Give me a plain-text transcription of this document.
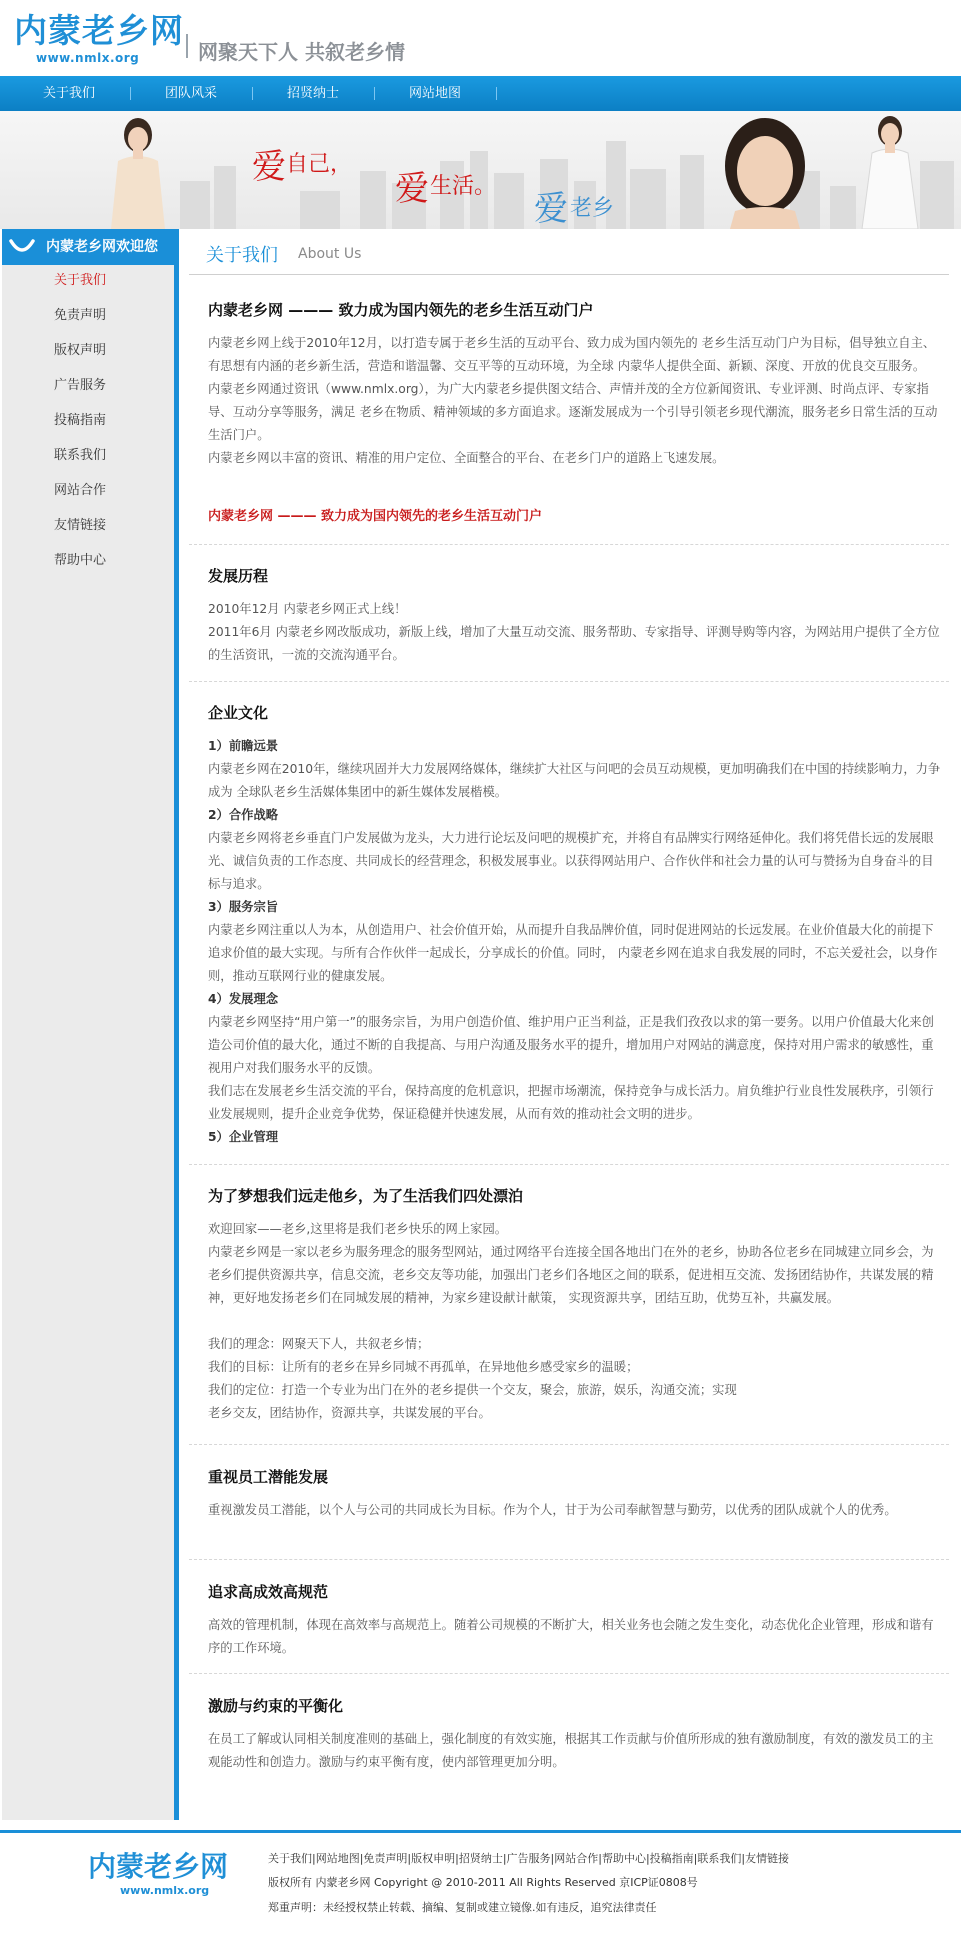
内蒙老乡网
www.nmlx.org	网聚天下人 共叙老乡情
关于我们	团队风采	招贤纳士	网站地图
爱 自己，
爱 生活。
爱 老乡
内蒙老乡网欢迎您
关于我们
免责声明
版权声明
广告服务
投稿指南
联系我们
网站合作
友情链接
帮助中心
关于我们 About Us
内蒙老乡网 ——— 致力成为国内领先的老乡生活互动门户

内蒙老乡网上线于2010年12月，以打造专属于老乡生活的互动平台、致力成为国内领先的 老乡生活互动门户为目标，倡导独立自主、有思想有内涵的老乡新生活，营造和谐温馨、交互平等的互动环境，为全球 内蒙华人提供全面、新颖、深度、开放的优良交互服务。

内蒙老乡网通过资讯（www.nmlx.org），为广大内蒙老乡提供图文结合、声情并茂的全方位新闻资讯、专业评测、时尚点评、专家指导、互动分享等服务，满足 老乡在物质、精神领域的多方面追求。逐渐发展成为一个引导引领老乡现代潮流，服务老乡日常生活的互动生活门户。

内蒙老乡网以丰富的资讯、精准的用户定位、全面整合的平台、在老乡门户的道路上飞速发展。

内蒙老乡网 ——— 致力成为国内领先的老乡生活互动门户
发展历程

2010年12月 内蒙老乡网正式上线！

2011年6月 内蒙老乡网改版成功，新版上线，增加了大量互动交流、服务帮助、专家指导、评测导购等内容，为网站用户提供了全方位的生活资讯，一流的交流沟通平台。

企业文化

1）前瞻远景

内蒙老乡网在2010年，继续巩固并大力发展网络媒体，继续扩大社区与问吧的会员互动规模，更加明确我们在中国的持续影响力，力争成为 全球队老乡生活媒体集团中的新生媒体发展楷模。

2）合作战略

内蒙老乡网将老乡垂直门户发展做为龙头，大力进行论坛及问吧的规模扩充，并将自有品牌实行网络延伸化。我们将凭借长远的发展眼光、诚信负责的工作态度、共同成长的经营理念，积极发展事业。以获得网站用户、合作伙伴和社会力量的认可与赞扬为自身奋斗的目标与追求。

3）服务宗旨

内蒙老乡网注重以人为本，从创造用户、社会价值开始，从而提升自我品牌价值，同时促进网站的长远发展。在业价值最大化的前提下追求价值的最大实现。与所有合作伙伴一起成长，分享成长的价值。同时， 内蒙老乡网在追求自我发展的同时，不忘关爱社会，以身作则，推动互联网行业的健康发展。

4）发展理念

内蒙老乡网坚持“用户第一”的服务宗旨，为用户创造价值、维护用户正当利益，正是我们孜孜以求的第一要务。以用户价值最大化来创造公司价值的最大化，通过不断的自我提高、与用户沟通及服务水平的提升，增加用户对网站的满意度，保持对用户需求的敏感性，重视用户对我们服务水平的反馈。

我们志在发展老乡生活交流的平台，保持高度的危机意识，把握市场潮流，保持竞争与成长活力。肩负维护行业良性发展秩序，引领行业发展规则，提升企业竞争优势，保证稳健并快速发展，从而有效的推动社会文明的进步。

5）企业管理

为了梦想我们远走他乡，为了生活我们四处漂泊

欢迎回家——老乡,这里将是我们老乡快乐的网上家园。

内蒙老乡网是一家以老乡为服务理念的服务型网站，通过网络平台连接全国各地出门在外的老乡，协助各位老乡在同城建立同乡会，为老乡们提供资源共享，信息交流，老乡交友等功能，加强出门老乡们各地区之间的联系，促进相互交流、发扬团结协作，共谋发展的精神，更好地发扬老乡们在同城发展的精神，为家乡建设献计献策， 实现资源共享，团结互助，优势互补，共赢发展。

我们的理念：网聚天下人，共叙老乡情；

我们的目标：让所有的老乡在异乡同城不再孤单，在异地他乡感受家乡的温暖；

我们的定位：打造一个专业为出门在外的老乡提供一个交友，聚会，旅游，娱乐，沟通交流；实现

老乡交友，团结协作，资源共享，共谋发展的平台。

重视员工潜能发展

重视激发员工潜能，以个人与公司的共同成长为目标。作为个人，甘于为公司奉献智慧与勤劳，以优秀的团队成就个人的优秀。

追求高成效高规范

高效的管理机制，体现在高效率与高规范上。随着公司规模的不断扩大，相关业务也会随之发生变化，动态优化企业管理，形成和谐有序的工作环境。

激励与约束的平衡化

在员工了解或认同相关制度准则的基础上，强化制度的有效实施，根据其工作贡献与价值所形成的独有激励制度，有效的激发员工的主观能动性和创造力。激励与约束平衡有度，使内部管理更加分明。

内蒙老乡网
www.nmlx.org
关于我们|网站地图|免责声明|版权申明|招贤纳士|广告服务|网站合作|帮助中心|投稿指南|联系我们|友情链接
版权所有 内蒙老乡网 Copyright @ 2010-2011 All Rights Reserved 京ICP证0808号
郑重声明：未经授权禁止转载、摘编、复制或建立镜像.如有违反，追究法律责任
